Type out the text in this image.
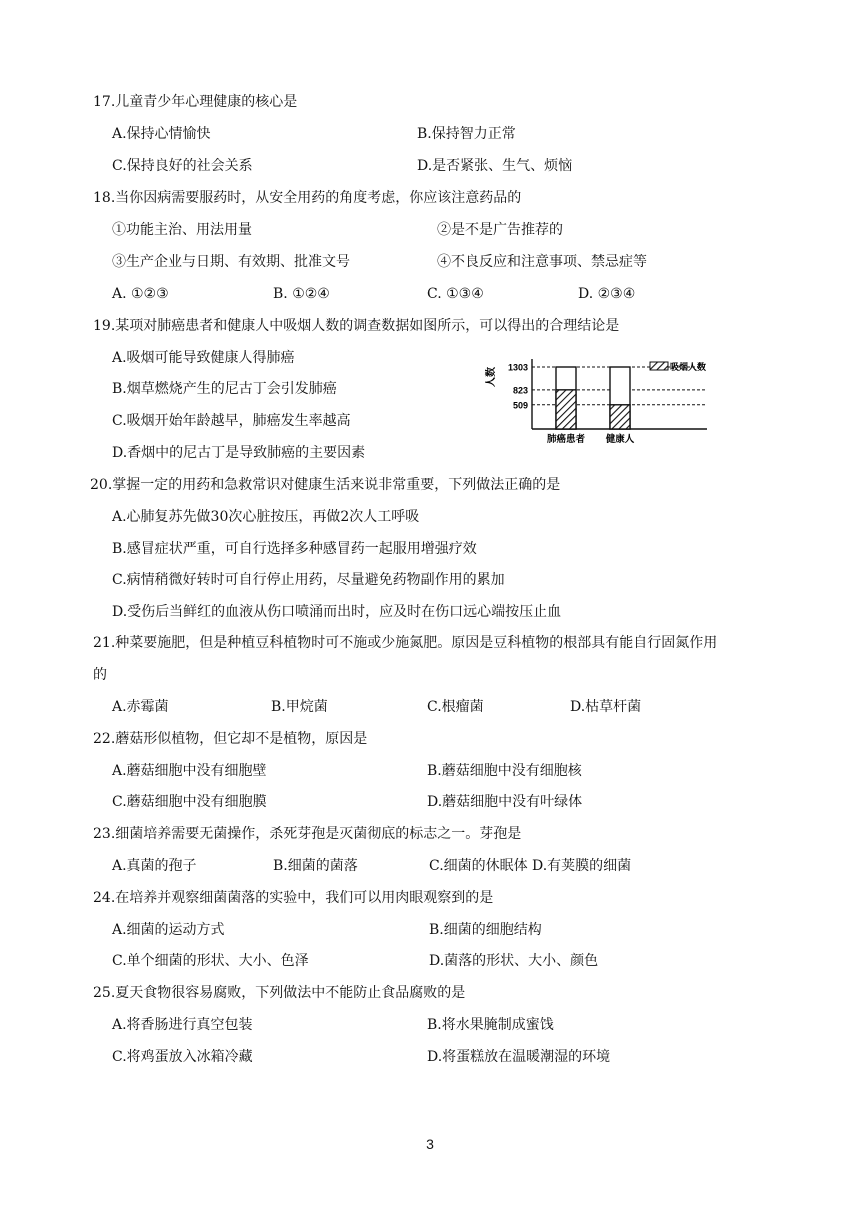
17.儿童青少年心理健康的核心是
A.保持心情愉快	B.保持智力正常
C.保持良好的社会关系	D.是否紧张、生气、烦恼
18.当你因病需要服药时，从安全用药的角度考虑，你应该注意药品的
①功能主治、用法用量	②是不是广告推荐的
③生产企业与日期、有效期、批准文号	④不良反应和注意事项、禁忌症等
A. ①②③	B. ①②④	C. ①③④	D. ②③④
19.某项对肺癌患者和健康人中吸烟人数的调查数据如图所示，可以得出的合理结论是
A.吸烟可能导致健康人得肺癌
B.烟草燃烧产生的尼古丁会引发肺癌
C.吸烟开始年龄越早，肺癌发生率越高
D.香烟中的尼古丁是导致肺癌的主要因素
人数 1303
823
509
肺癌患者 健康人
吸烟人数
20.掌握一定的用药和急救常识对健康生活来说非常重要，下列做法正确的是
A.心肺复苏先做30次心脏按压，再做2次人工呼吸
B.感冒症状严重，可自行选择多种感冒药一起服用增强疗效
C.病情稍微好转时可自行停止用药，尽量避免药物副作用的累加
D.受伤后当鲜红的血液从伤口喷涌而出时，应及时在伤口远心端按压止血
21.种菜要施肥，但是种植豆科植物时可不施或少施氮肥。原因是豆科植物的根部具有能自行固氮作用
的
A.赤霉菌	B.甲烷菌	C.根瘤菌	D.枯草杆菌
22.蘑菇形似植物，但它却不是植物，原因是
A.蘑菇细胞中没有细胞壁	B.蘑菇细胞中没有细胞核
C.蘑菇细胞中没有细胞膜	D.蘑菇细胞中没有叶绿体
23.细菌培养需要无菌操作，杀死芽孢是灭菌彻底的标志之一。芽孢是
A.真菌的孢子	B.细菌的菌落	C.细菌的休眠体 D.有荚膜的细菌
24.在培养并观察细菌菌落的实验中，我们可以用肉眼观察到的是
A.细菌的运动方式	B.细菌的细胞结构
C.单个细菌的形状、大小、色泽	D.菌落的形状、大小、颜色
25.夏天食物很容易腐败，下列做法中不能防止食品腐败的是
A.将香肠进行真空包装	B.将水果腌制成蜜饯
C.将鸡蛋放入冰箱冷藏	D.将蛋糕放在温暖潮湿的环境
3
